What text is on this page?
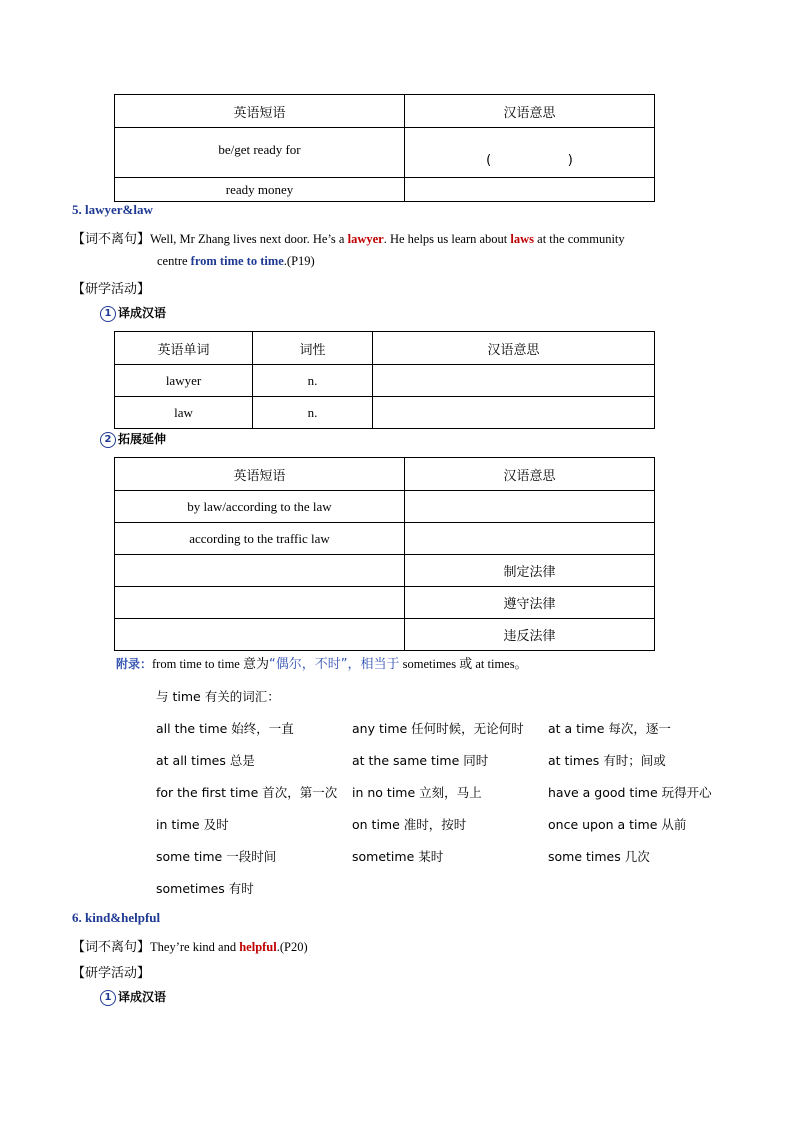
英语短语	汉语意思
be/get ready for	( )
ready money	
5. lawyer&law
【词不离句】Well, Mr Zhang lives next door. He’s a lawyer. He helps us learn about laws at the community
centre from time to time.(P19)
【研学活动】
1 译成汉语
英语单词	词性	汉语意思
lawyer	n.	
law	n.	
2 拓展延伸
英语短语	汉语意思
by law/according to the law	
according to the traffic law	
	制定法律
	遵守法律
	违反法律
附录：from time to time 意为“偶尔，不时”，相当于 sometimes 或 at times。
与 time 有关的词汇：
all the time 始终，一直	any time 任何时候，无论何时 at a time 每次，逐一
at all times 总是	at the same time 同时	at times 有时；间或
for the first time 首次，第一次 in no time 立刻，马上	have a good time 玩得开心
in time 及时	on time 准时，按时	once upon a time 从前
some time 一段时间	sometime 某时	some times 几次
sometimes 有时
6. kind&helpful
【词不离句】They’re kind and helpful.(P20)
【研学活动】
1 译成汉语
